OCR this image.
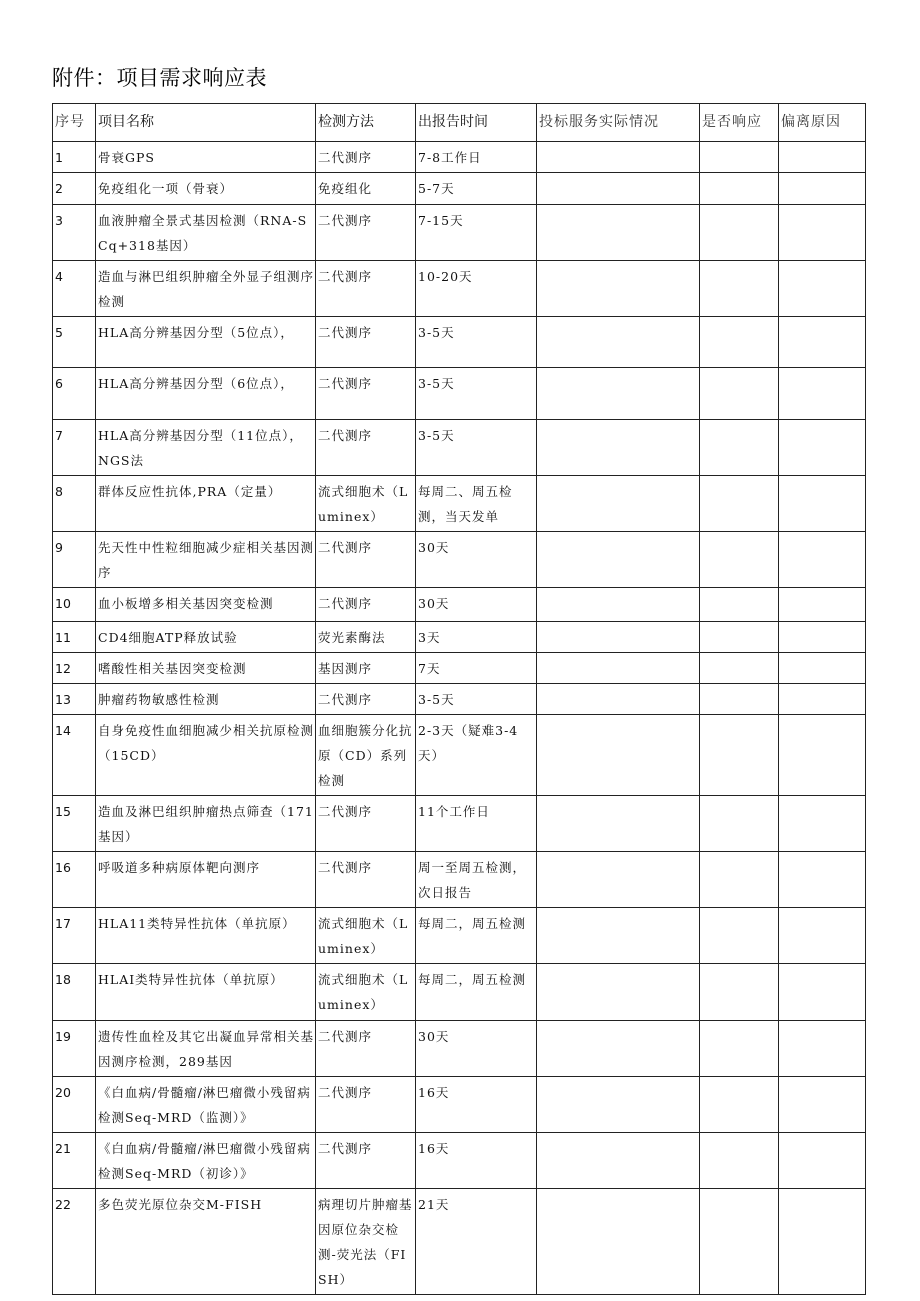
附件：项目需求响应表
序号	项目名称	检测方法	出报告时间	投标服务实际情况	是否响应	偏离原因
1	骨衰GPS	二代测序	7-8工作日			
2	免疫组化一项（骨衰）	免疫组化	5-7天			
3	血液肿瘤全景式基因检测（RNA-SCq+318基因）	二代测序	7-15天			
4	造血与淋巴组织肿瘤全外显子组测序检测	二代测序	10-20天			
5	HLA高分辨基因分型（5位点），	二代测序	3-5天			
6	HLA高分辨基因分型（6位点），	二代测序	3-5天			
7	HLA高分辨基因分型（11位点），NGS法	二代测序	3-5天			
8	群体反应性抗体,PRA（定量）	流式细胞术（Luminex）	每周二、周五检测，当天发单			
9	先天性中性粒细胞减少症相关基因测序	二代测序	30天			
10	血小板增多相关基因突变检测	二代测序	30天			
11	CD4细胞ATP释放试验	荧光素酶法	3天			
12	嗜酸性相关基因突变检测	基因测序	7天			
13	肿瘤药物敏感性检测	二代测序	3-5天			
14	自身免疫性血细胞减少相关抗原检测（15CD）	血细胞簇分化抗原（CD）系列检测	2-3天（疑难3-4天）			
15	造血及淋巴组织肿瘤热点筛查（171基因）	二代测序	11个工作日			
16	呼吸道多种病原体靶向测序	二代测序	周一至周五检测，次日报告			
17	HLA11类特异性抗体（单抗原）	流式细胞术（Luminex）	每周二，周五检测			
18	HLAI类特异性抗体（单抗原）	流式细胞术（Luminex）	每周二，周五检测			
19	遗传性血栓及其它出凝血异常相关基因测序检测，289基因	二代测序	30天			
20	《白血病/骨髓瘤/淋巴瘤微小残留病检测Seq-MRD（监测）》	二代测序	16天			
21	《白血病/骨髓瘤/淋巴瘤微小残留病检测Seq-MRD（初诊）》	二代测序	16天			
22	多色荧光原位杂交M-FISH	病理切片肿瘤基因原位杂交检测-荧光法（FISH）	21天			
